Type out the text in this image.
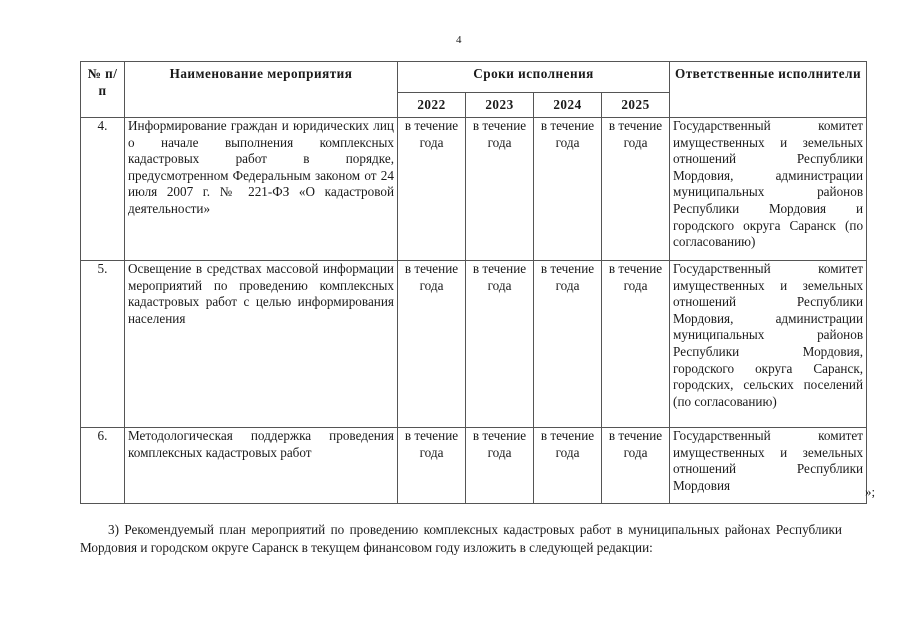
4
№ п/п	Наименование мероприятия	Сроки исполнения				Ответственные исполнители
		2022	2023	2024	2025	
4.	Информирование граждан и юридических лиц о начале выполнения комплексных кадастровых работ в порядке, предусмотренном Федеральным законом от 24 июля 2007 г. № 221-ФЗ «О кадастровой деятельности»	в течение года	в течение года	в течение года	в течение года	Государственный комитет имущественных и земельных отношений Республики Мордовия, администрации муниципальных районов Республики Мордовия и городского округа Саранск (по согласованию)
5.	Освещение в средствах массовой информации мероприятий по проведению комплексных кадастровых работ с целью информирования населения	в течение года	в течение года	в течение года	в течение года	Государственный комитет имущественных и земельных отношений Республики Мордовия, администрации муниципальных районов Республики Мордовия, городского округа Саранск, городских, сельских поселений (по согласованию)
6.	Методологическая поддержка проведения комплексных кадастровых работ	в течение года	в течение года	в течение года	в течение года	Государственный комитет имущественных и земельных отношений Республики Мордовия	»;

3) Рекомендуемый план мероприятий по проведению комплексных кадастровых работ в муниципальных районах Республики Мордовия и городском округе Саранск в текущем финансовом году изложить в следующей редакции:
